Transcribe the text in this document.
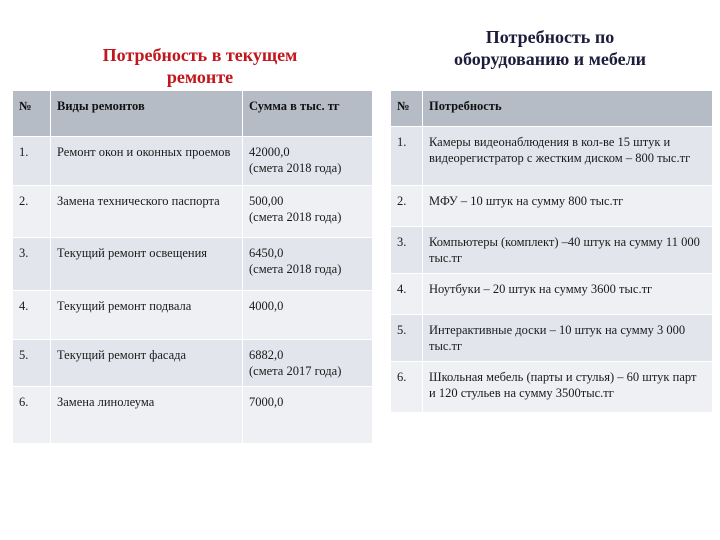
Потребность в текущем
ремонте
Потребность по
оборудованию и мебели
№	Виды ремонтов	Сумма в тыс. тг
1.	Ремонт окон и оконных проемов	42000,0
(смета 2018 года)

2.	Замена технического паспорта	500,00
(смета 2018 года)

3.	Текущий ремонт освещения	6450,0
(смета 2018 года)

4.	Текущий ремонт подвала	4000,0

5.	Текущий ремонт фасада	6882,0
(смета 2017 года)

6.	Замена линолеума	7000,0
№	Потребность
1.	Камеры видеонаблюдения в кол-ве 15 штук и видеорегистратор с жестким диском – 800 тыс.тг
2.	МФУ – 10 штук на сумму 800 тыс.тг
3.	Компьютеры (комплект) –40 штук на сумму 11 000 тыс.тг
4.	Ноутбуки – 20 штук на сумму 3600 тыс.тг
5.	Интерактивные доски – 10 штук на сумму 3 000 тыс.тг
6.	Школьная мебель (парты и стулья) – 60 штук парт и 120 стульев на сумму 3500тыс.тг
